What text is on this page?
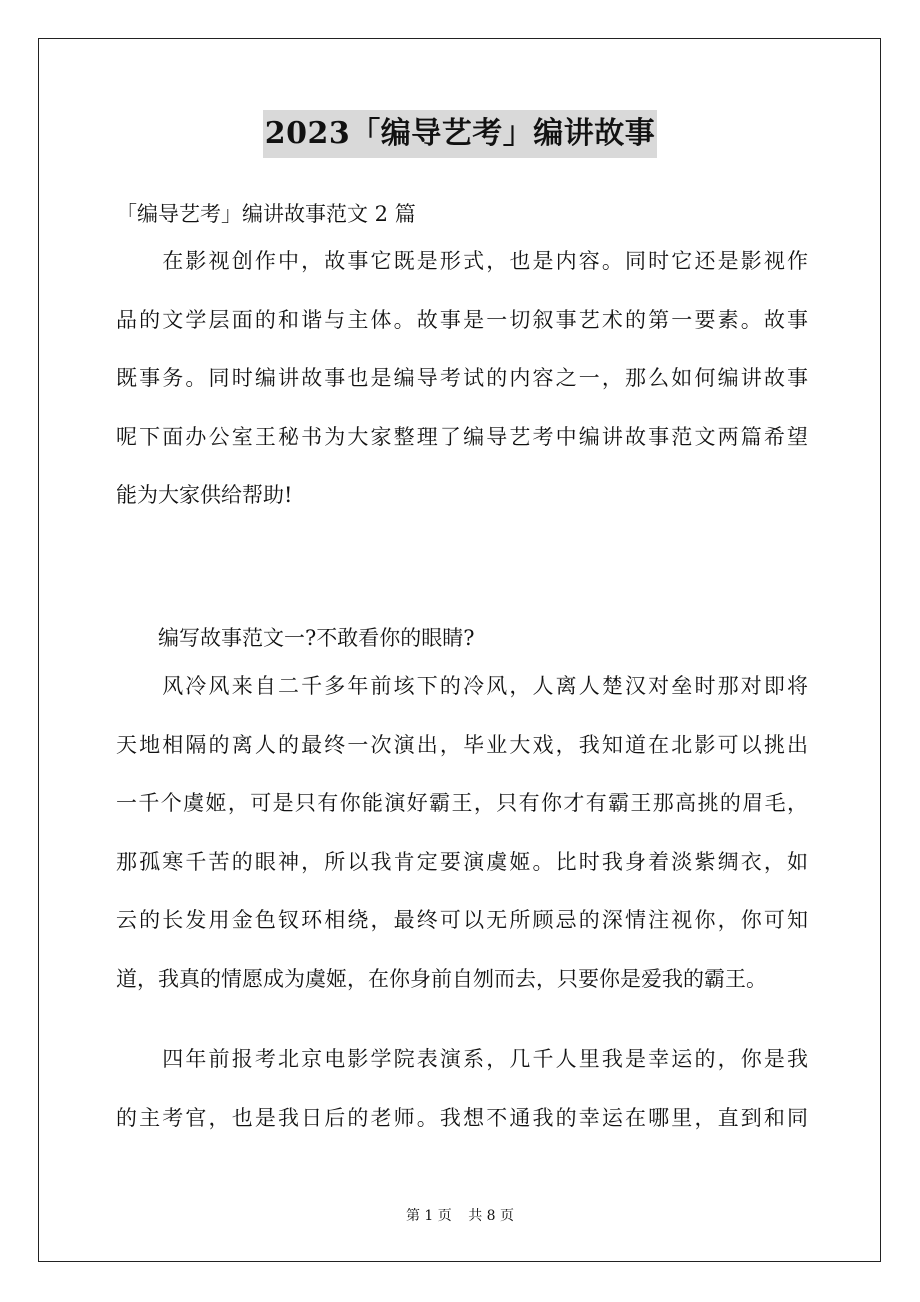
2023「编导艺考」编讲故事
「编导艺考」编讲故事范文 2 篇
　　在影视创作中，故事它既是形式，也是内容。同时它还是影视作
品的文学层面的和谐与主体。故事是一切叙事艺术的第一要素。故事
既事务。同时编讲故事也是编导考试的内容之一，那么如何编讲故事
呢下面办公室王秘书为大家整理了编导艺考中编讲故事范文两篇希望
能为大家供给帮助!
编写故事范文一?不敢看你的眼睛?
　　风冷风来自二千多年前垓下的冷风，人离人楚汉对垒时那对即将
天地相隔的离人的最终一次演出，毕业大戏，我知道在北影可以挑出
一千个虞姬，可是只有你能演好霸王，只有你才有霸王那高挑的眉毛，
那孤寒千苦的眼神，所以我肯定要演虞姬。比时我身着淡紫绸衣，如
云的长发用金色钗环相绕，最终可以无所顾忌的深情注视你，你可知
道，我真的情愿成为虞姬，在你身前自刎而去，只要你是爱我的霸王。
　　四年前报考北京电影学院表演系，几千人里我是幸运的，你是我
的主考官，也是我日后的老师。我想不通我的幸运在哪里，直到和同
第 1 页 共 8 页
